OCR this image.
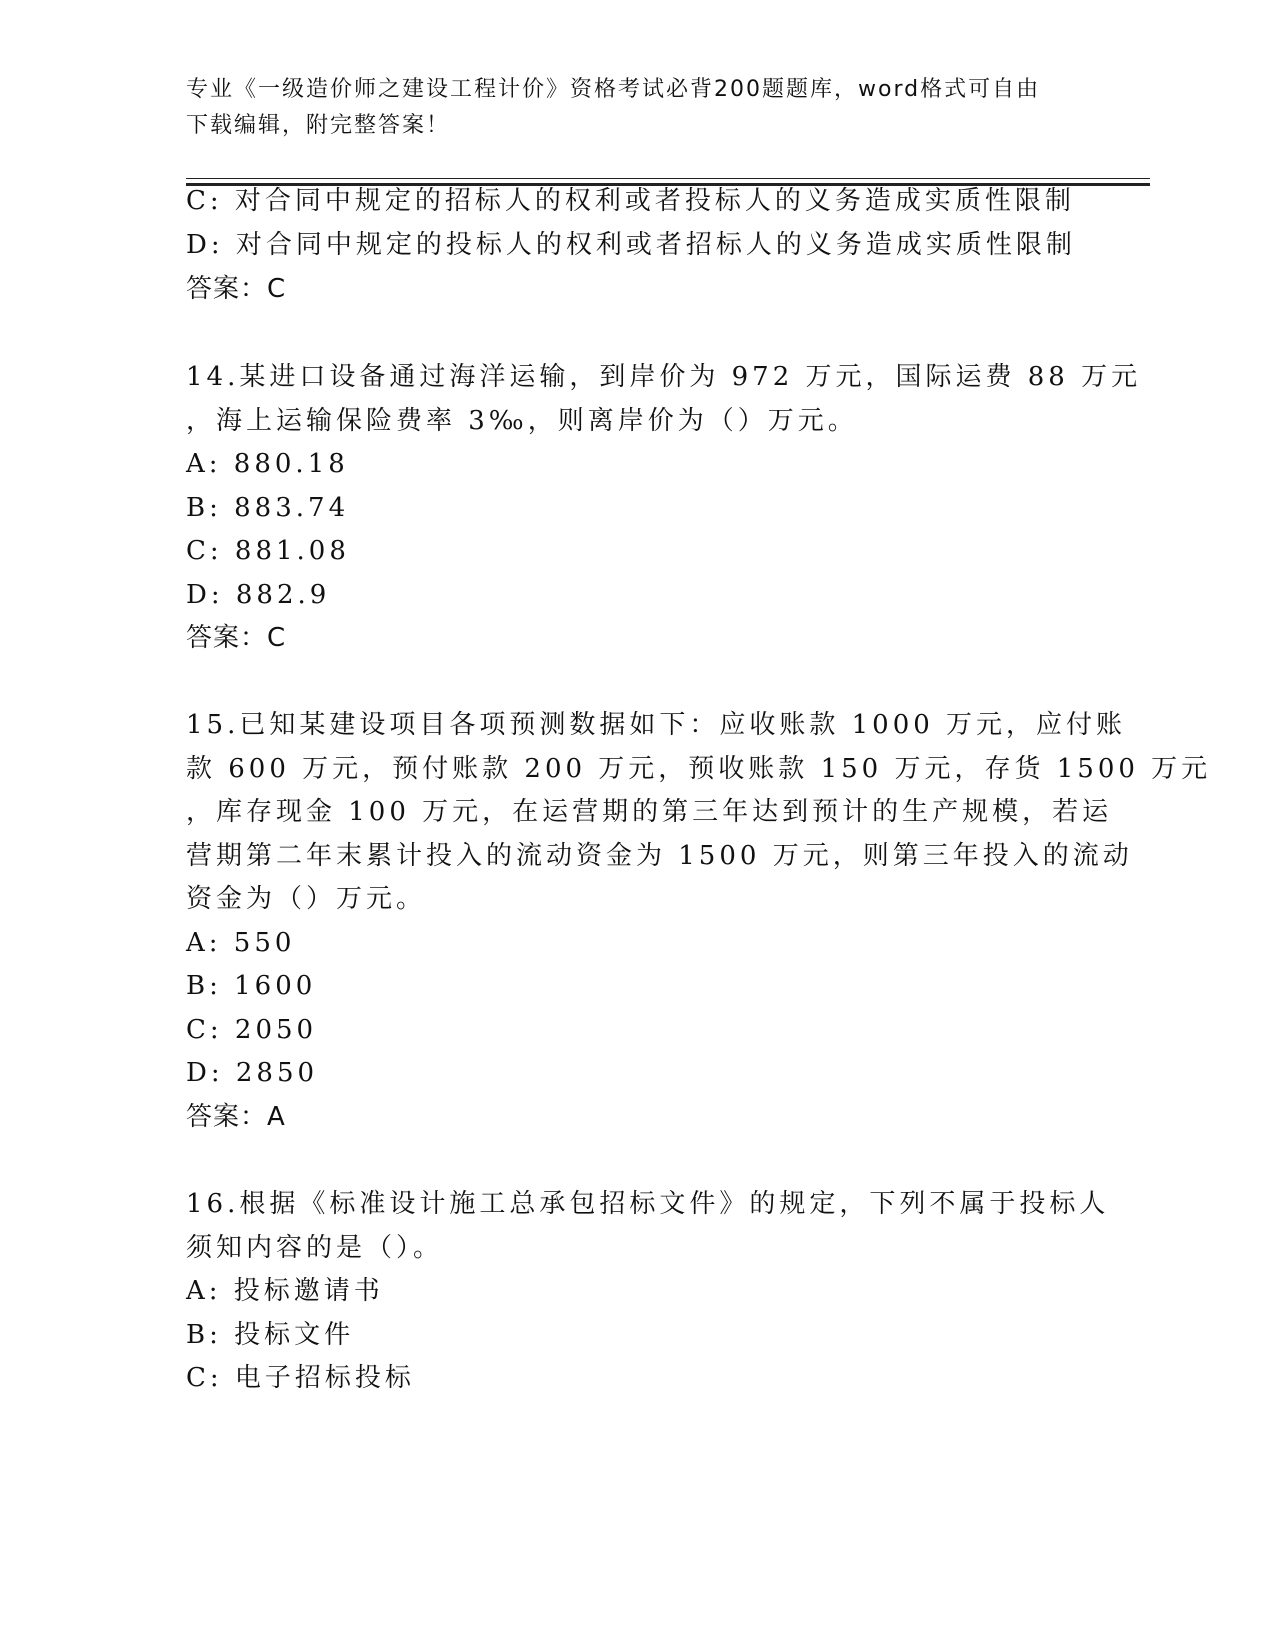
专业《一级造价师之建设工程计价》资格考试必背200题题库，word格式可自由
下载编辑，附完整答案！
C: 对合同中规定的招标人的权利或者投标人的义务造成实质性限制
D: 对合同中规定的投标人的权利或者招标人的义务造成实质性限制
答案：C
14.某进口设备通过海洋运输，到岸价为 972 万元，国际运费 88 万元
，海上运输保险费率 3‰，则离岸价为（）万元。
A: 880.18
B: 883.74
C: 881.08
D: 882.9
答案：C
15.已知某建设项目各项预测数据如下：应收账款 1000 万元，应付账
款 600 万元，预付账款 200 万元，预收账款 150 万元，存货 1500 万元
，库存现金 100 万元，在运营期的第三年达到预计的生产规模，若运
营期第二年末累计投入的流动资金为 1500 万元，则第三年投入的流动
资金为（）万元。
A: 550
B: 1600
C: 2050
D: 2850
答案：A
16.根据《标准设计施工总承包招标文件》的规定，下列不属于投标人
须知内容的是（）。
A: 投标邀请书
B: 投标文件
C: 电子招标投标
